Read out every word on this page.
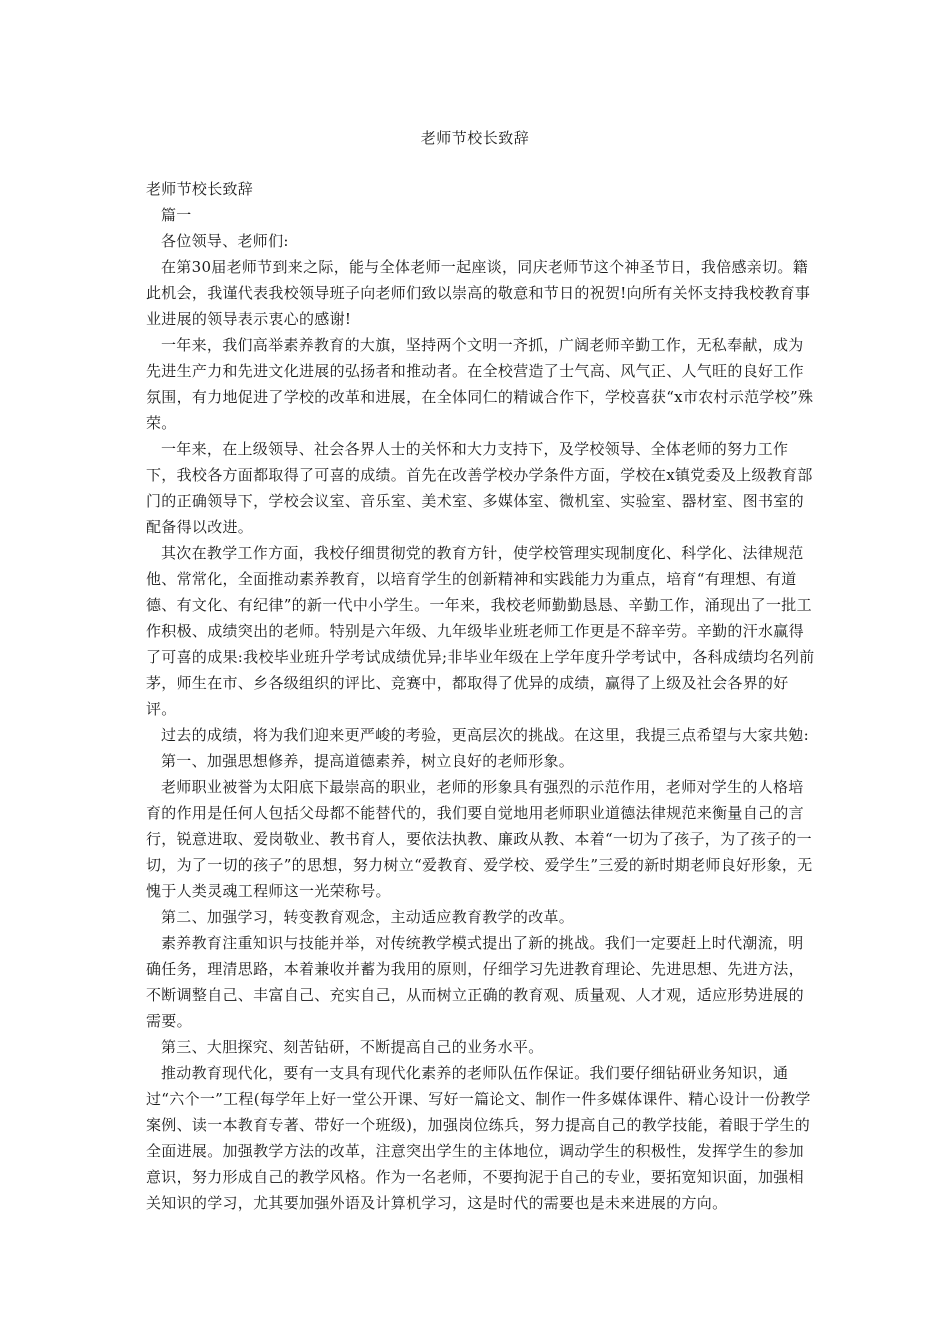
老师节校长致辞

老师节校长致辞

篇一

各位领导、老师们:

在第30届老师节到来之际，能与全体老师一起座谈，同庆老师节这个神圣节日，我倍感亲切。籍此机会，我谨代表我校领导班子向老师们致以崇高的敬意和节日的祝贺!向所有关怀支持我校教育事业进展的领导表示衷心的感谢!

一年来，我们高举素养教育的大旗，坚持两个文明一齐抓，广阔老师辛勤工作，无私奉献，成为先进生产力和先进文化进展的弘扬者和推动者。在全校营造了士气高、风气正、人气旺的良好工作氛围，有力地促进了学校的改革和进展，在全体同仁的精诚合作下，学校喜获“x市农村示范学校”殊荣。

一年来，在上级领导、社会各界人士的关怀和大力支持下，及学校领导、全体老师的努力工作下，我校各方面都取得了可喜的成绩。首先在改善学校办学条件方面，学校在x镇党委及上级教育部门的正确领导下，学校会议室、音乐室、美术室、多媒体室、微机室、实验室、器材室、图书室的配备得以改进。

其次在教学工作方面，我校仔细贯彻党的教育方针，使学校管理实现制度化、科学化、法律规范他、常常化，全面推动素养教育，以培育学生的创新精神和实践能力为重点，培育“有理想、有道德、有文化、有纪律”的新一代中小学生。一年来，我校老师勤勤恳恳、辛勤工作，涌现出了一批工作积极、成绩突出的老师。特别是六年级、九年级毕业班老师工作更是不辞辛劳。辛勤的汗水赢得了可喜的成果:我校毕业班升学考试成绩优异;非毕业年级在上学年度升学考试中，各科成绩均名列前茅，师生在市、乡各级组织的评比、竞赛中，都取得了优异的成绩，赢得了上级及社会各界的好评。

过去的成绩，将为我们迎来更严峻的考验，更高层次的挑战。在这里，我提三点希望与大家共勉:

第一、加强思想修养，提高道德素养，树立良好的老师形象。

老师职业被誉为太阳底下最崇高的职业，老师的形象具有强烈的示范作用，老师对学生的人格培育的作用是任何人包括父母都不能替代的，我们要自觉地用老师职业道德法律规范来衡量自己的言行，锐意进取、爱岗敬业、教书育人，要依法执教、廉政从教、本着“一切为了孩子，为了孩子的一切，为了一切的孩子”的思想，努力树立“爱教育、爱学校、爱学生”三爱的新时期老师良好形象，无愧于人类灵魂工程师这一光荣称号。

第二、加强学习，转变教育观念，主动适应教育教学的改革。

素养教育注重知识与技能并举，对传统教学模式提出了新的挑战。我们一定要赶上时代潮流，明确任务，理清思路，本着兼收并蓄为我用的原则，仔细学习先进教育理论、先进思想、先进方法，不断调整自己、丰富自己、充实自己，从而树立正确的教育观、质量观、人才观，适应形势进展的需要。

第三、大胆探究、刻苦钻研，不断提高自己的业务水平。

推动教育现代化，要有一支具有现代化素养的老师队伍作保证。我们要仔细钻研业务知识，通过“六个一”工程(每学年上好一堂公开课、写好一篇论文、制作一件多媒体课件、精心设计一份教学案例、读一本教育专著、带好一个班级)，加强岗位练兵，努力提高自己的教学技能，着眼于学生的全面进展。加强教学方法的改革，注意突出学生的主体地位，调动学生的积极性，发挥学生的参加意识，努力形成自己的教学风格。作为一名老师，不要拘泥于自己的专业，要拓宽知识面，加强相关知识的学习，尤其要加强外语及计算机学习，这是时代的需要也是未来进展的方向。
